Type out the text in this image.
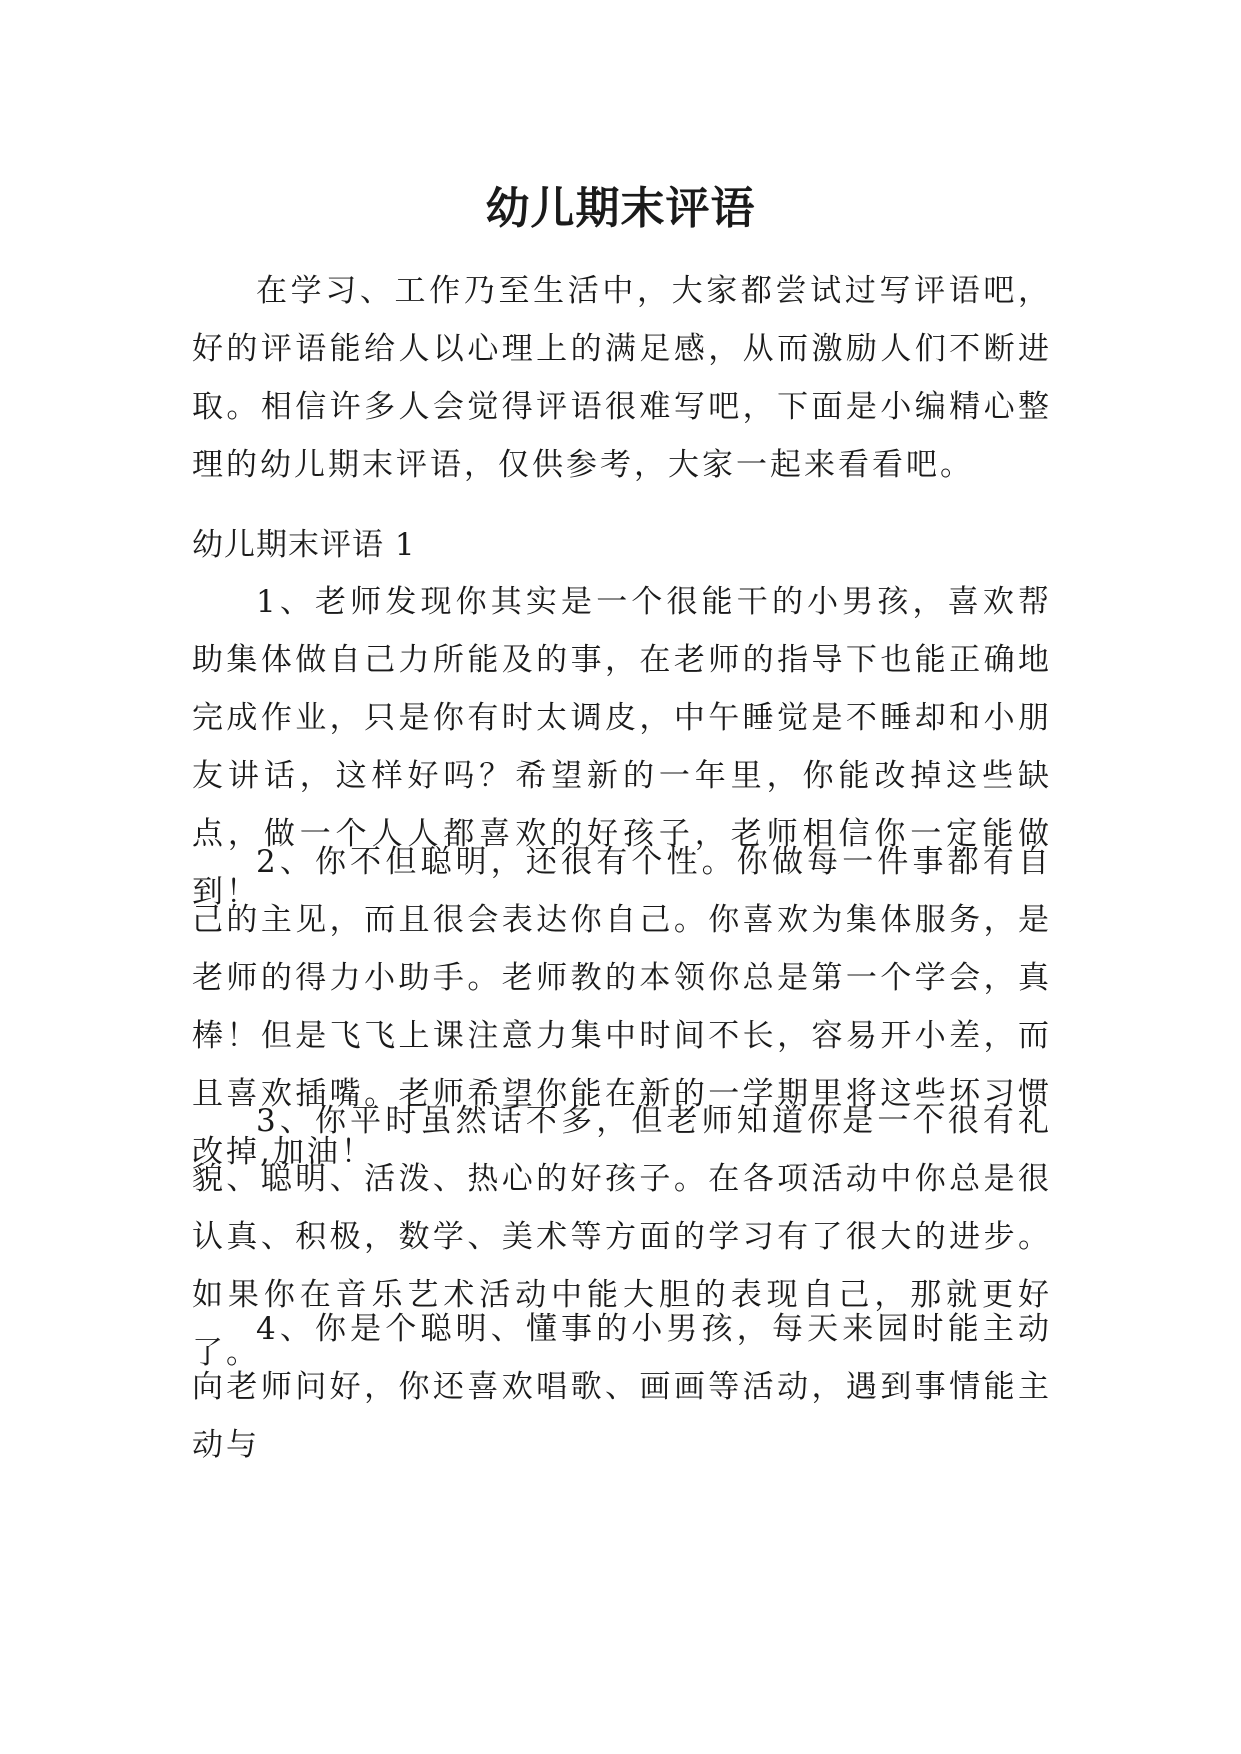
幼儿期末评语

在学习、工作乃至生活中，大家都尝试过写评语吧，好的评语能给人以心理上的满足感，从而激励人们不断进取。相信许多人会觉得评语很难写吧，下面是小编精心整理的幼儿期末评语，仅供参考，大家一起来看看吧。

幼儿期末评语 1

1、老师发现你其实是一个很能干的小男孩，喜欢帮助集体做自己力所能及的事，在老师的指导下也能正确地完成作业，只是你有时太调皮，中午睡觉是不睡却和小朋友讲话，这样好吗？希望新的一年里，你能改掉这些缺点，做一个人人都喜欢的好孩子，老师相信你一定能做到！

2、你不但聪明，还很有个性。你做每一件事都有自己的主见，而且很会表达你自己。你喜欢为集体服务，是老师的得力小助手。老师教的本领你总是第一个学会，真棒！但是飞飞上课注意力集中时间不长，容易开小差，而且喜欢插嘴。老师希望你能在新的一学期里将这些坏习惯改掉,加油！

3、你平时虽然话不多，但老师知道你是一个很有礼貌、聪明、活泼、热心的好孩子。在各项活动中你总是很认真、积极，数学、美术等方面的学习有了很大的进步。如果你在音乐艺术活动中能大胆的表现自己，那就更好了。

4、你是个聪明、懂事的小男孩，每天来园时能主动向老师问好，你还喜欢唱歌、画画等活动，遇到事情能主动与
